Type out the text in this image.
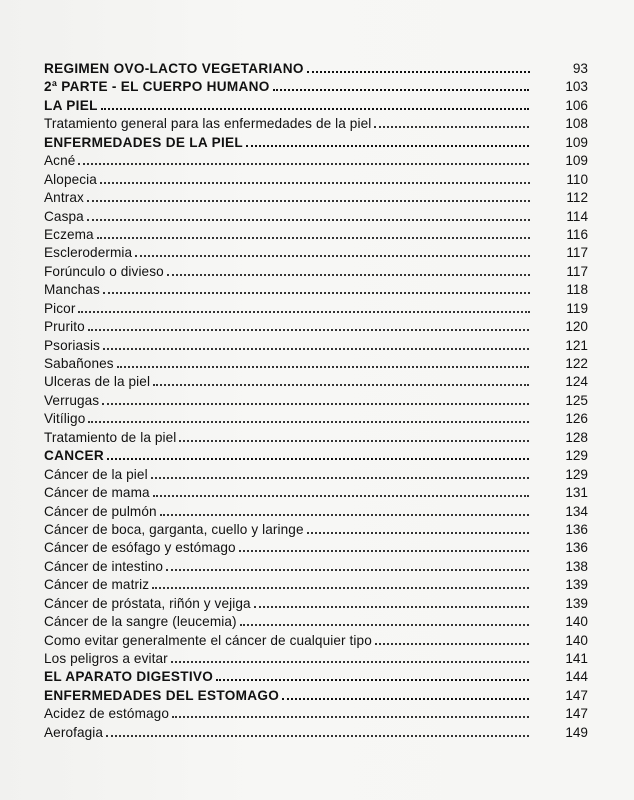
REGIMEN OVO-LACTO VEGETARIANO	93
2ª PARTE - EL CUERPO HUMANO	103
LA PIEL	106
Tratamiento general para las enfermedades de la piel	108
ENFERMEDADES DE LA PIEL	109
Acné	109
Alopecia	110
Antrax	112
Caspa	114
Eczema	116
Esclerodermia	117
Forúnculo o divieso	117
Manchas	118
Picor	119
Prurito	120
Psoriasis	121
Sabañones	122
Ulceras de la piel	124
Verrugas	125
Vitíligo	126
Tratamiento de la piel	128
CANCER	129
Cáncer de la piel	129
Cáncer de mama	131
Cáncer de pulmón	134
Cáncer de boca, garganta, cuello y laringe	136
Cáncer de esófago y estómago	136
Cáncer de intestino	138
Cáncer de matriz	139
Cáncer de próstata, riñón y vejiga	139
Cáncer de la sangre (leucemia)	140
Como evitar generalmente el cáncer de cualquier tipo	140
Los peligros a evitar	141
EL APARATO DIGESTIVO	144
ENFERMEDADES DEL ESTOMAGO	147
Acidez de estómago	147
Aerofagia	149
